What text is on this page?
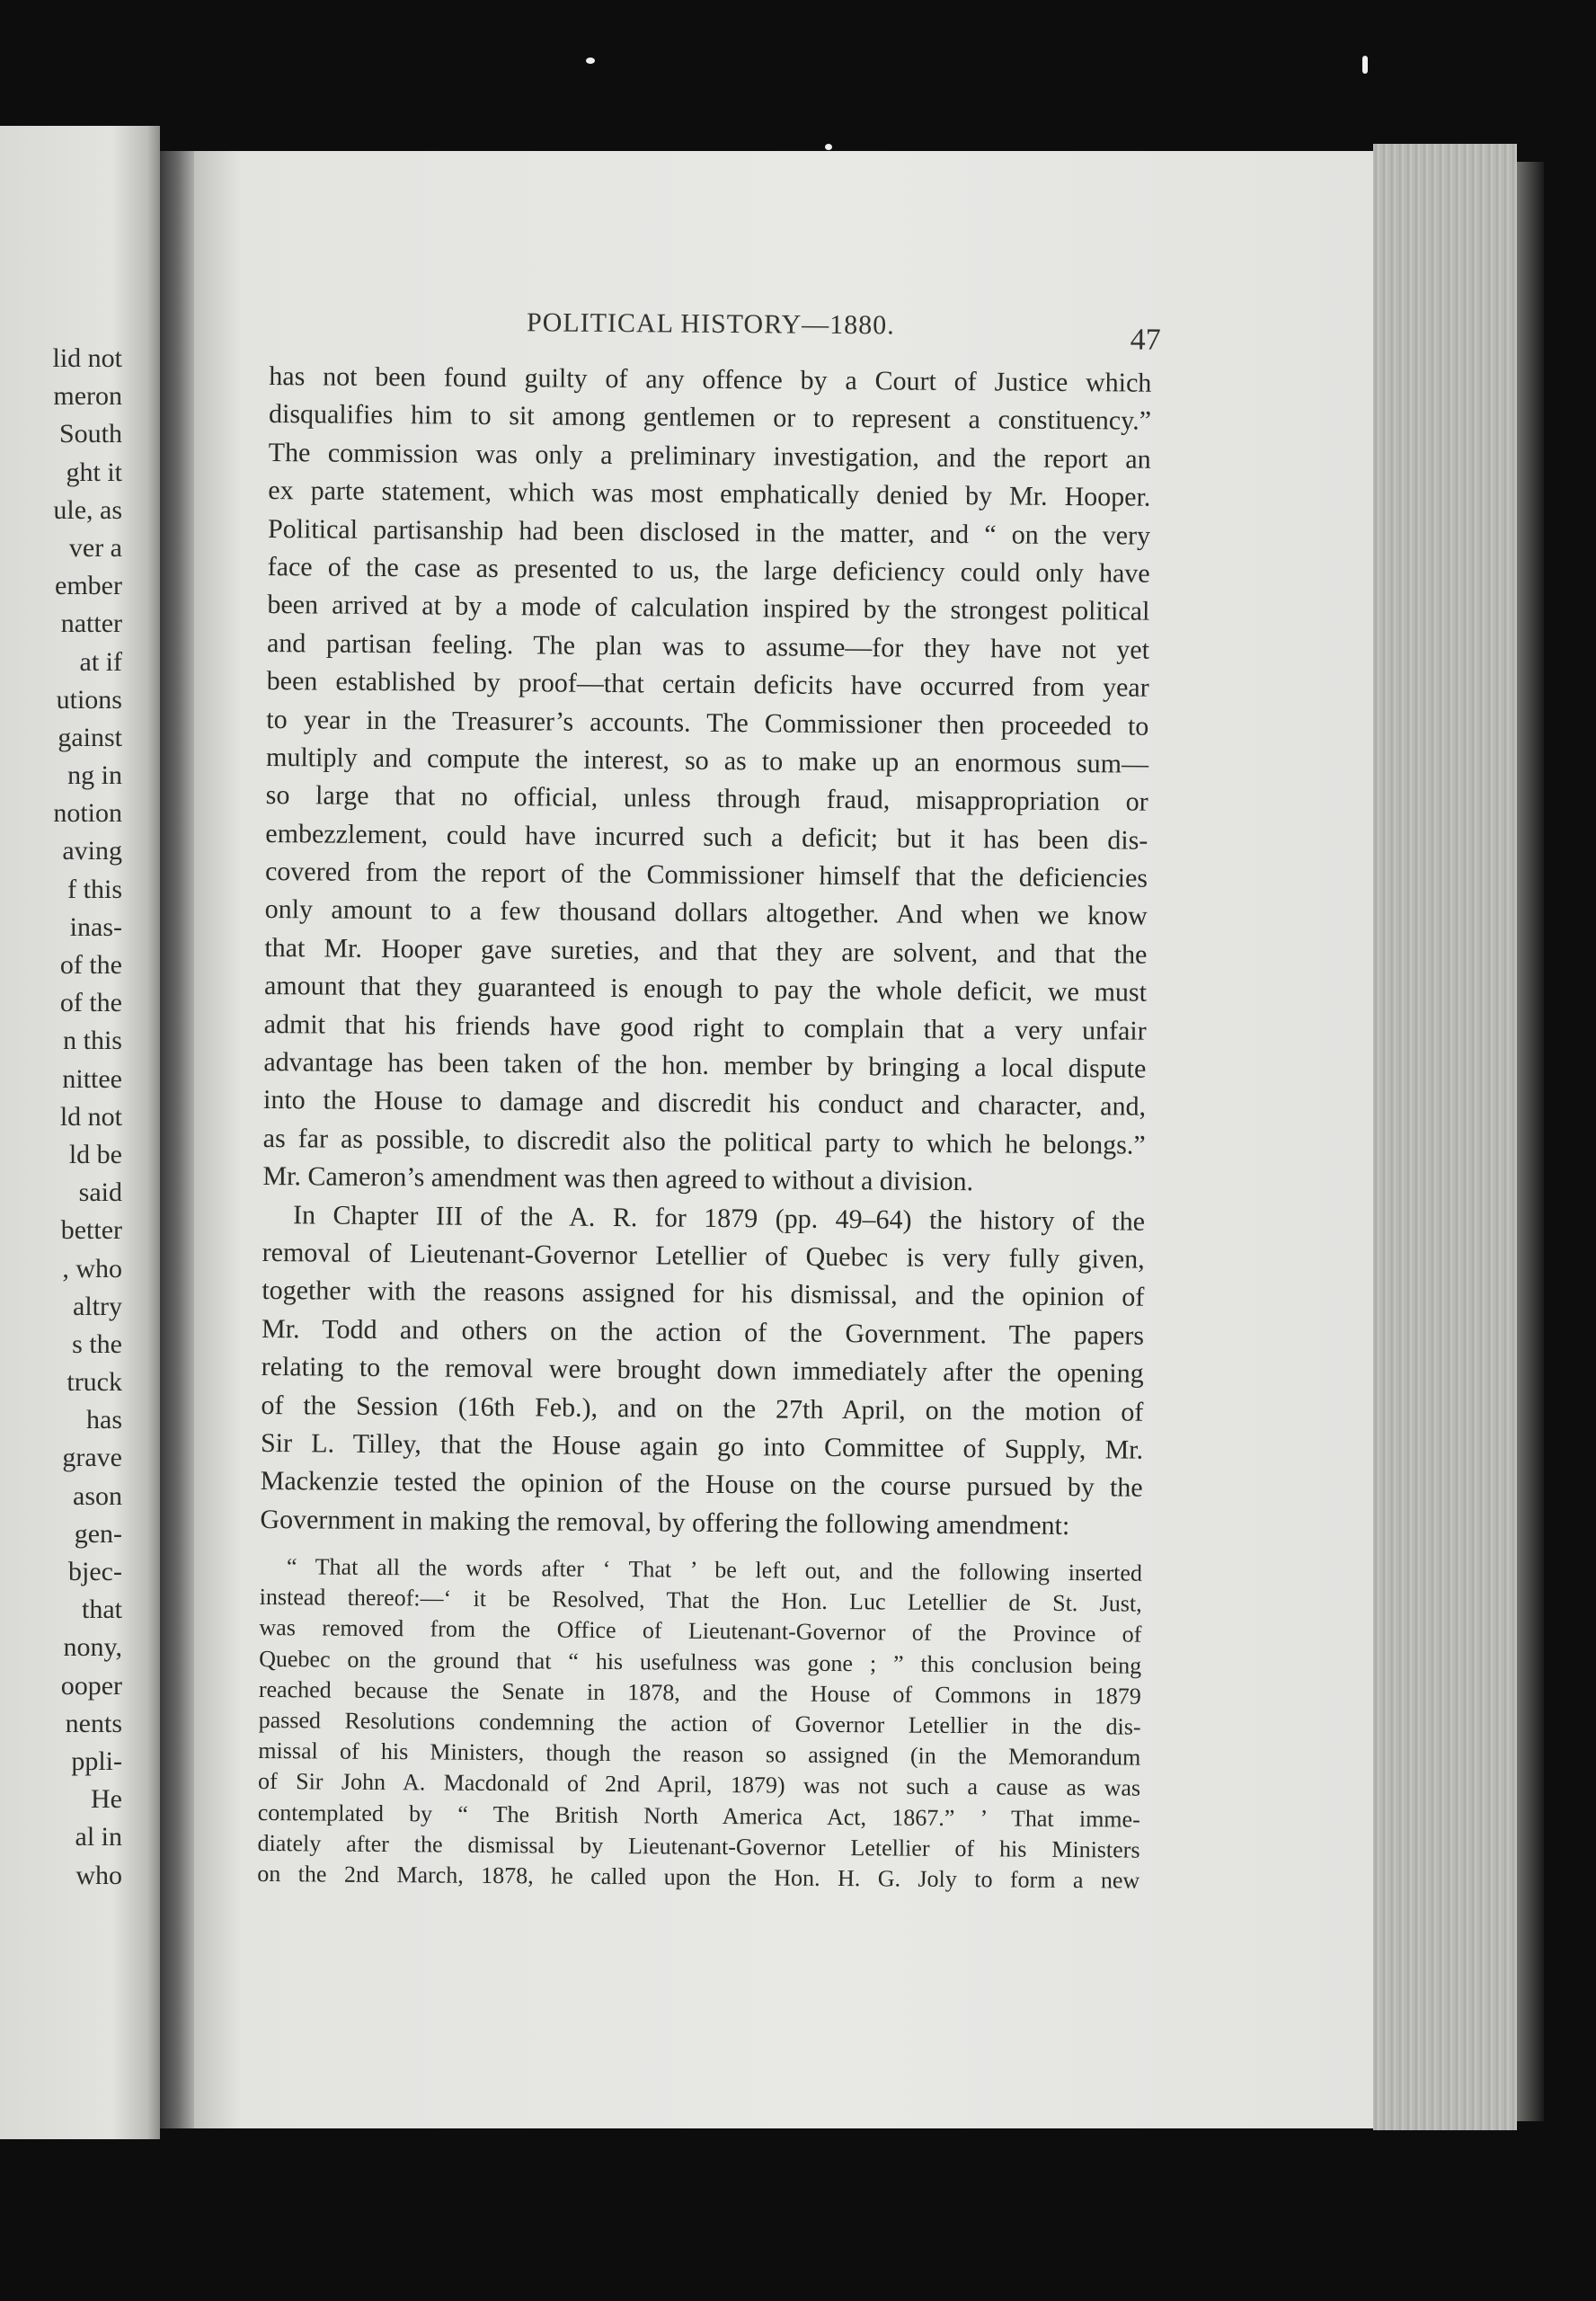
lid not
meron
South
ght it
ule, as
ver a
ember
natter
at if
utions
gainst
ng in
notion
aving
f this
inas-
of the
of the
n this
nittee
ld not
ld be
said
better
, who
altry
s the
truck
has
grave
ason
gen-
bjec-
that
nony,
ooper
nents
ppli-
He
al in
who
POLITICAL HISTORY—1880.	47
has not been found guilty of any offence by a Court of Justice which
disqualifies him to sit among gentlemen or to represent a constituency.”
The commission was only a preliminary investigation, and the report an
ex parte statement, which was most emphatically denied by Mr. Hooper.
Political partisanship had been disclosed in the matter, and “ on the very
face of the case as presented to us, the large deficiency could only have
been arrived at by a mode of calculation inspired by the strongest political
and partisan feeling. The plan was to assume—for they have not yet
been established by proof—that certain deficits have occurred from year
to year in the Treasurer’s accounts. The Commissioner then proceeded to
multiply and compute the interest, so as to make up an enormous sum—
so large that no official, unless through fraud, misappropriation or
embezzlement, could have incurred such a deficit; but it has been dis-
covered from the report of the Commissioner himself that the deficiencies
only amount to a few thousand dollars altogether. And when we know
that Mr. Hooper gave sureties, and that they are solvent, and that the
amount that they guaranteed is enough to pay the whole deficit, we must
admit that his friends have good right to complain that a very unfair
advantage has been taken of the hon. member by bringing a local dispute
into the House to damage and discredit his conduct and character, and,
as far as possible, to discredit also the political party to which he belongs.”
Mr. Cameron’s amendment was then agreed to without a division.
In Chapter III of the A. R. for 1879 (pp. 49–64) the history of the
removal of Lieutenant-Governor Letellier of Quebec is very fully given,
together with the reasons assigned for his dismissal, and the opinion of
Mr. Todd and others on the action of the Government. The papers
relating to the removal were brought down immediately after the opening
of the Session (16th Feb.), and on the 27th April, on the motion of
Sir L. Tilley, that the House again go into Committee of Supply, Mr.
Mackenzie tested the opinion of the House on the course pursued by the
Government in making the removal, by offering the following amendment:
“ That all the words after ‘ That ’ be left out, and the following inserted
instead thereof:—‘ it be Resolved, That the Hon. Luc Letellier de St. Just,
was removed from the Office of Lieutenant-Governor of the Province of
Quebec on the ground that “ his usefulness was gone ; ” this conclusion being
reached because the Senate in 1878, and the House of Commons in 1879
passed Resolutions condemning the action of Governor Letellier in the dis-
missal of his Ministers, though the reason so assigned (in the Memorandum
of Sir John A. Macdonald of 2nd April, 1879) was not such a cause as was
contemplated by “ The British North America Act, 1867.” ’ That imme-
diately after the dismissal by Lieutenant-Governor Letellier of his Ministers
on the 2nd March, 1878, he called upon the Hon. H. G. Joly to form a new
